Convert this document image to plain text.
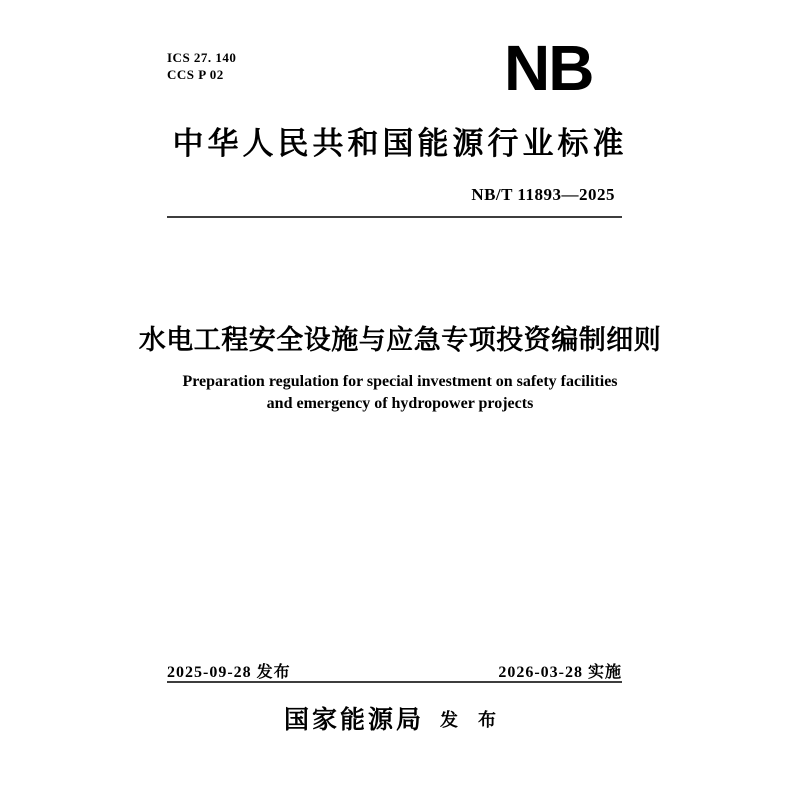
ICS 27. 140
CCS P 02	NB
中华人民共和国能源行业标准
NB/T 11893—2025
水电工程安全设施与应急专项投资编制细则
Preparation regulation for special investment on safety facilities
and emergency of hydropower projects
2025-09-28 发布	2026-03-28 实施
国家能源局 发布
